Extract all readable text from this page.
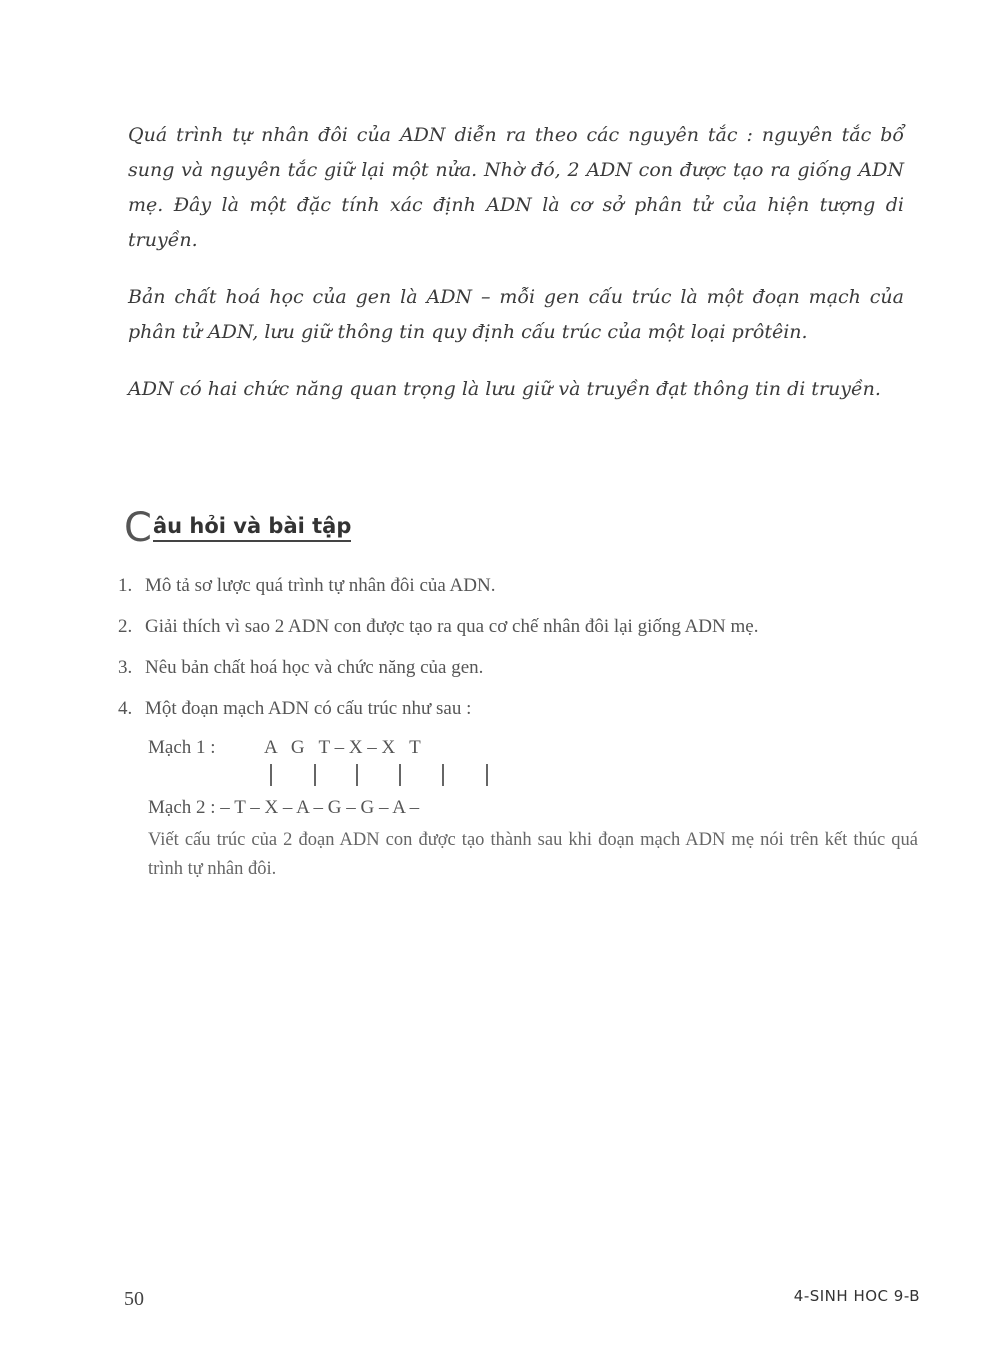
Quá trình tự nhân đôi của ADN diễn ra theo các nguyên tắc : nguyên tắc bổ sung và nguyên tắc giữ lại một nửa. Nhờ đó, 2 ADN con được tạo ra giống ADN mẹ. Đây là một đặc tính xác định ADN là cơ sở phân tử của hiện tượng di truyền.

Bản chất hoá học của gen là ADN – mỗi gen cấu trúc là một đoạn mạch của phân tử ADN, lưu giữ thông tin quy định cấu trúc của một loại prôtêin.

ADN có hai chức năng quan trọng là lưu giữ và truyền đạt thông tin di truyền.

C âu hỏi và bài tập
1. Mô tả sơ lược quá trình tự nhân đôi của ADN.
2. Giải thích vì sao 2 ADN con được tạo ra qua cơ chế nhân đôi lại giống ADN mẹ.
3. Nêu bản chất hoá học và chức năng của gen.
4. Một đoạn mạch ADN có cấu trúc như sau :
Mạch 1 :	A   G   T – X – X   T
Mạch 2 : – T – X – A – G – G – A –
Viết cấu trúc của 2 đoạn ADN con được tạo thành sau khi đoạn mạch ADN mẹ nói trên kết thúc quá trình tự nhân đôi.
50	4-SINH HOC 9-B
